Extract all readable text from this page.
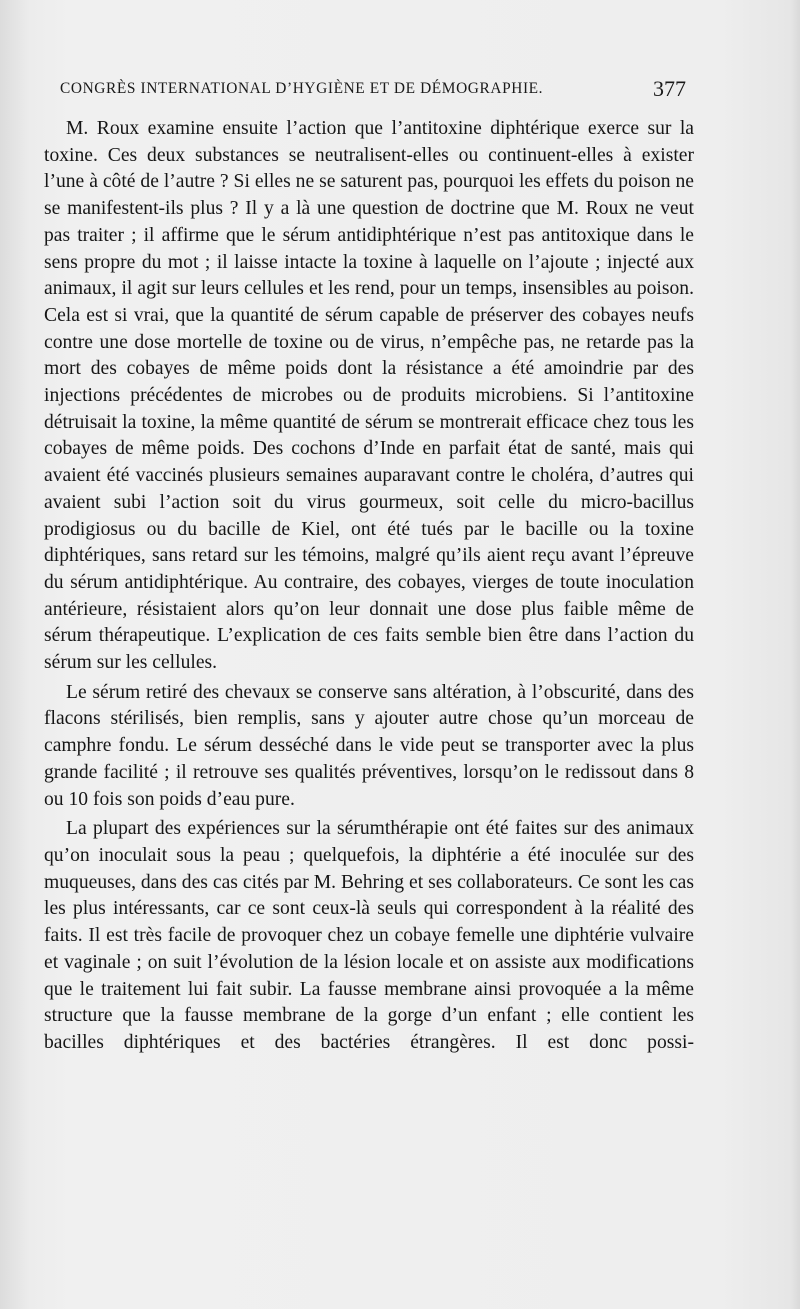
CONGRÈS INTERNATIONAL D’HYGIÈNE ET DE DÉMOGRAPHIE.	377

M. Roux examine ensuite l’action que l’antitoxine diphtérique exerce sur la toxine. Ces deux substances se neutralisent-elles ou continuent-elles à exister l’une à côté de l’autre ? Si elles ne se saturent pas, pourquoi les effets du poison ne se manifestent-ils plus ? Il y a là une question de doctrine que M. Roux ne veut pas traiter ; il affirme que le sérum antidiphtérique n’est pas antitoxique dans le sens propre du mot ; il laisse intacte la toxine à laquelle on l’ajoute ; injecté aux animaux, il agit sur leurs cellules et les rend, pour un temps, insensibles au poison. Cela est si vrai, que la quantité de sérum capable de préserver des cobayes neufs contre une dose mortelle de toxine ou de virus, n’empêche pas, ne retarde pas la mort des cobayes de même poids dont la résistance a été amoindrie par des injections précédentes de microbes ou de produits microbiens. Si l’antitoxine détruisait la toxine, la même quantité de sérum se montrerait efficace chez tous les cobayes de même poids. Des cochons d’Inde en parfait état de santé, mais qui avaient été vaccinés plusieurs semaines auparavant contre le choléra, d’autres qui avaient subi l’action soit du virus gourmeux, soit celle du micro-bacillus prodigiosus ou du bacille de Kiel, ont été tués par le bacille ou la toxine diphtériques, sans retard sur les témoins, malgré qu’ils aient reçu avant l’épreuve du sérum antidiphtérique. Au contraire, des cobayes, vierges de toute inoculation antérieure, résistaient alors qu’on leur donnait une dose plus faible même de sérum thérapeutique. L’explication de ces faits semble bien être dans l’action du sérum sur les cellules.

Le sérum retiré des chevaux se conserve sans altération, à l’obscurité, dans des flacons stérilisés, bien remplis, sans y ajouter autre chose qu’un morceau de camphre fondu. Le sérum desséché dans le vide peut se transporter avec la plus grande facilité ; il retrouve ses qualités préventives, lorsqu’on le redissout dans 8 ou 10 fois son poids d’eau pure.

La plupart des expériences sur la sérumthérapie ont été faites sur des animaux qu’on inoculait sous la peau ; quelquefois, la diphtérie a été inoculée sur des muqueuses, dans des cas cités par M. Behring et ses collaborateurs. Ce sont les cas les plus intéressants, car ce sont ceux-là seuls qui correspondent à la réalité des faits. Il est très facile de provoquer chez un cobaye femelle une diphtérie vulvaire et vaginale ; on suit l’évolution de la lésion locale et on assiste aux modifications que le traitement lui fait subir. La fausse membrane ainsi provoquée a la même structure que la fausse membrane de la gorge d’un enfant ; elle contient les bacilles diphtériques et des bactéries étrangères. Il est donc possi-
